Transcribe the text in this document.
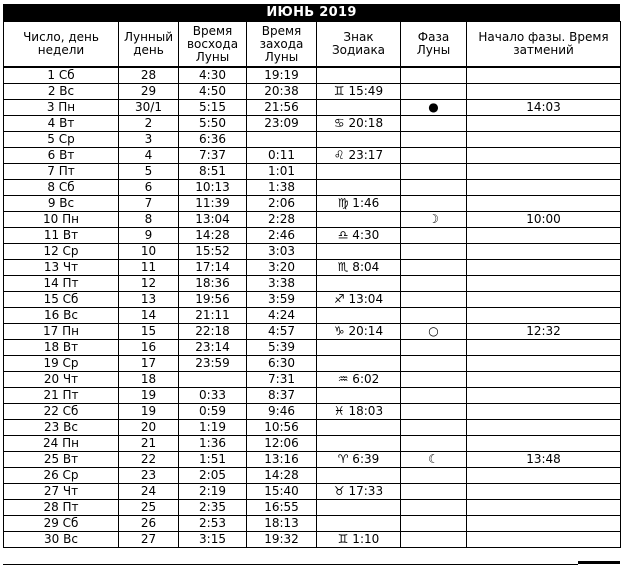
ИЮНЬ 2019
Число, день недели	Лунный день	Время восхода Луны	Время захода Луны	Знак Зодиака	Фаза Луны	Начало фазы. Время затмений
1 Сб	28	4:30	19:19			
2 Вс	29	4:50	20:38	♊ 15:49		
3 Пн	30/1	5:15	21:56		●	14:03
4 Вт	2	5:50	23:09	♋ 20:18		
5 Ср	3	6:36				
6 Вт	4	7:37	0:11	♌ 23:17		
7 Пт	5	8:51	1:01			
8 Сб	6	10:13	1:38			
9 Вс	7	11:39	2:06	♍ 1:46		
10 Пн	8	13:04	2:28		☽	10:00
11 Вт	9	14:28	2:46	♎ 4:30		
12 Ср	10	15:52	3:03			
13 Чт	11	17:14	3:20	♏ 8:04		
14 Пт	12	18:36	3:38			
15 Сб	13	19:56	3:59	♐ 13:04		
16 Вс	14	21:11	4:24			
17 Пн	15	22:18	4:57	♑ 20:14	○	12:32
18 Вт	16	23:14	5:39			
19 Ср	17	23:59	6:30			
20 Чт	18		7:31	♒ 6:02		
21 Пт	19	0:33	8:37			
22 Сб	19	0:59	9:46	♓ 18:03		
23 Вс	20	1:19	10:56			
24 Пн	21	1:36	12:06			
25 Вт	22	1:51	13:16	♈ 6:39	☾	13:48
26 Ср	23	2:05	14:28			
27 Чт	24	2:19	15:40	♉ 17:33		
28 Пт	25	2:35	16:55			
29 Сб	26	2:53	18:13			
30 Вс	27	3:15	19:32	♊ 1:10		
